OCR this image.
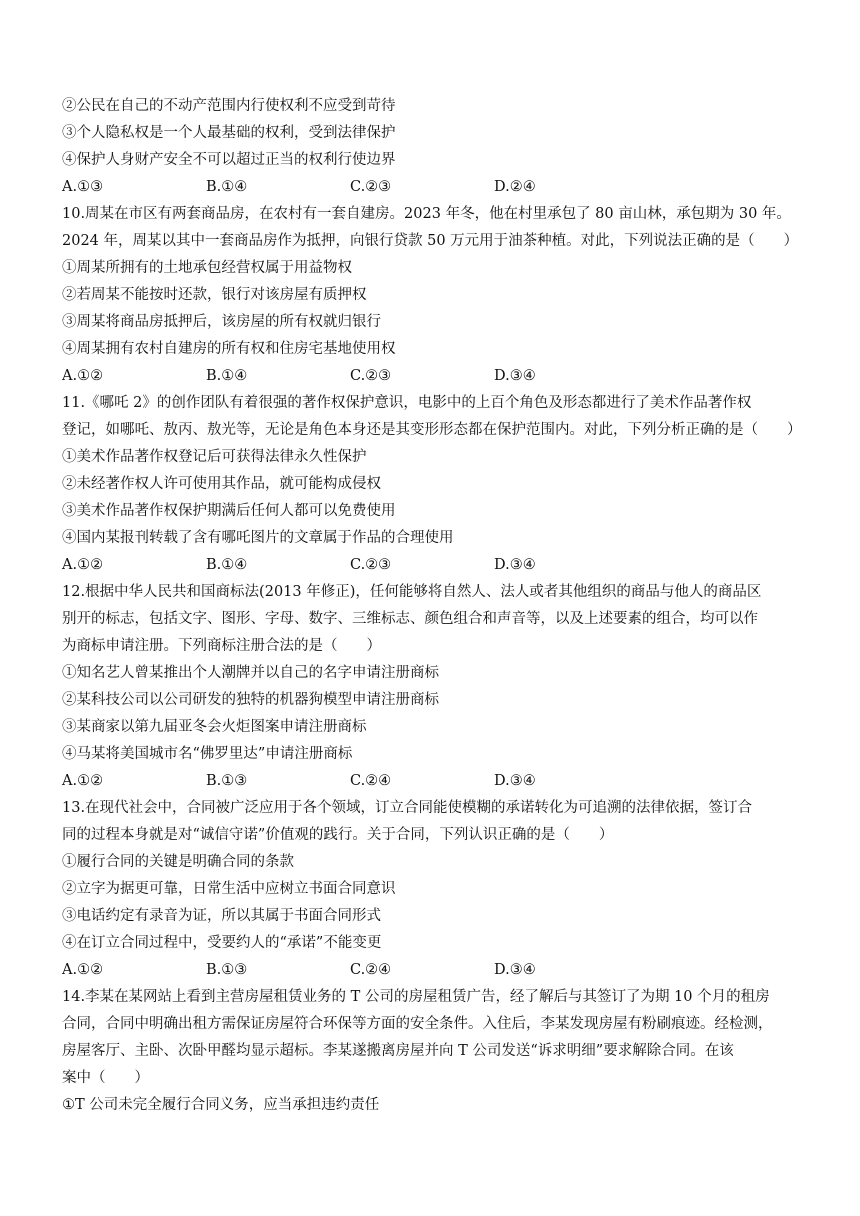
②公民在自己的不动产范围内行使权利不应受到苛待
③个人隐私权是一个人最基础的权利，受到法律保护
④保护人身财产安全不可以超过正当的权利行使边界
A.①③	B.①④	C.②③	D.②④
10.周某在市区有两套商品房，在农村有一套自建房。2023 年冬，他在村里承包了 80 亩山林，承包期为 30 年。
2024 年，周某以其中一套商品房作为抵押，向银行贷款 50 万元用于油茶种植。对此，下列说法正确的是（　　）
①周某所拥有的土地承包经营权属于用益物权
②若周某不能按时还款，银行对该房屋有质押权
③周某将商品房抵押后，该房屋的所有权就归银行
④周某拥有农村自建房的所有权和住房宅基地使用权
A.①②	B.①④	C.②③	D.③④
11.《哪吒 2》的创作团队有着很强的著作权保护意识，电影中的上百个角色及形态都进行了美术作品著作权
登记，如哪吒、敖丙、敖光等，无论是角色本身还是其变形形态都在保护范围内。对此，下列分析正确的是（　　）
①美术作品著作权登记后可获得法律永久性保护
②未经著作权人许可使用其作品，就可能构成侵权
③美术作品著作权保护期满后任何人都可以免费使用
④国内某报刊转载了含有哪吒图片的文章属于作品的合理使用
A.①②	B.①④	C.②③	D.③④
12.根据中华人民共和国商标法(2013 年修正)，任何能够将自然人、法人或者其他组织的商品与他人的商品区
别开的标志，包括文字、图形、字母、数字、三维标志、颜色组合和声音等，以及上述要素的组合，均可以作
为商标申请注册。下列商标注册合法的是（　　）
①知名艺人曾某推出个人潮牌并以自己的名字申请注册商标
②某科技公司以公司研发的独特的机器狗模型申请注册商标
③某商家以第九届亚冬会火炬图案申请注册商标
④马某将美国城市名“佛罗里达”申请注册商标
A.①②	B.①③	C.②④	D.③④
13.在现代社会中，合同被广泛应用于各个领域，订立合同能使模糊的承诺转化为可追溯的法律依据，签订合
同的过程本身就是对“诚信守诺”价值观的践行。关于合同，下列认识正确的是（　　）
①履行合同的关键是明确合同的条款
②立字为据更可靠，日常生活中应树立书面合同意识
③电话约定有录音为证，所以其属于书面合同形式
④在订立合同过程中，受要约人的“承诺”不能变更
A.①②	B.①③	C.②④	D.③④
14.李某在某网站上看到主营房屋租赁业务的 T 公司的房屋租赁广告，经了解后与其签订了为期 10 个月的租房
合同，合同中明确出租方需保证房屋符合环保等方面的安全条件。入住后，李某发现房屋有粉刷痕迹。经检测，
房屋客厅、主卧、次卧甲醛均显示超标。李某遂搬离房屋并向 T 公司发送“诉求明细”要求解除合同。在该
案中（　　）
①T 公司未完全履行合同义务，应当承担违约责任
